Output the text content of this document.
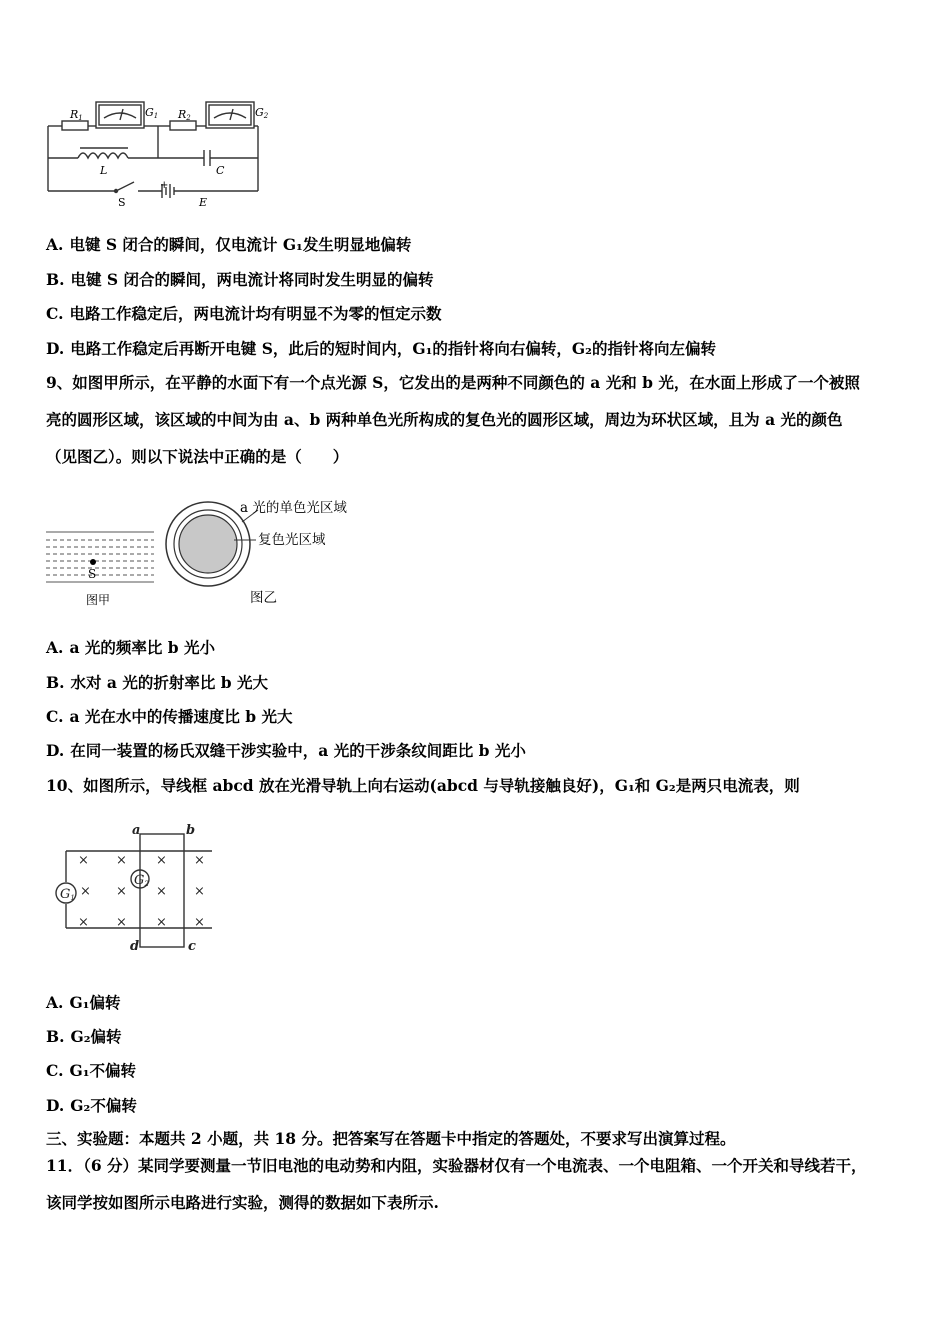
R1	G1 R2	G2
L	C
S	E
+
A. 电键 S 闭合的瞬间，仅电流计 G₁发生明显地偏转
B. 电键 S 闭合的瞬间，两电流计将同时发生明显的偏转
C. 电路工作稳定后，两电流计均有明显不为零的恒定示数
D. 电路工作稳定后再断开电键 S，此后的短时间内，G₁的指针将向右偏转，G₂的指针将向左偏转
9、如图甲所示，在平静的水面下有一个点光源 S，它发出的是两种不同颜色的 a 光和 b 光，在水面上形成了一个被照
亮的圆形区域，该区域的中间为由 a、b 两种单色光所构成的复色光的圆形区域，周边为环状区域，且为 a 光的颜色
（见图乙）。则以下说法中正确的是（　　）
S
图甲
a 光的单色光区域
复色光区域
图乙
A. a 光的频率比 b 光小
B. 水对 a 光的折射率比 b 光大
C. a 光在水中的传播速度比 b 光大
D. 在同一装置的杨氏双缝干涉实验中，a 光的干涉条纹间距比 b 光小
10、如图所示，导线框 abcd 放在光滑导轨上向右运动(abcd 与导轨接触良好)，G₁和 G₂是两只电流表，则
G1
G2
a	b
c
d
× × × ×
× × × ×
× × × ×
A. G₁偏转
B. G₂偏转
C. G₁不偏转
D. G₂不偏转
三、实验题：本题共 2 小题，共 18 分。把答案写在答题卡中指定的答题处，不要求写出演算过程。
11．（6 分）某同学要测量一节旧电池的电动势和内阻，实验器材仅有一个电流表、一个电阻箱、一个开关和导线若干，
该同学按如图所示电路进行实验，测得的数据如下表所示.
